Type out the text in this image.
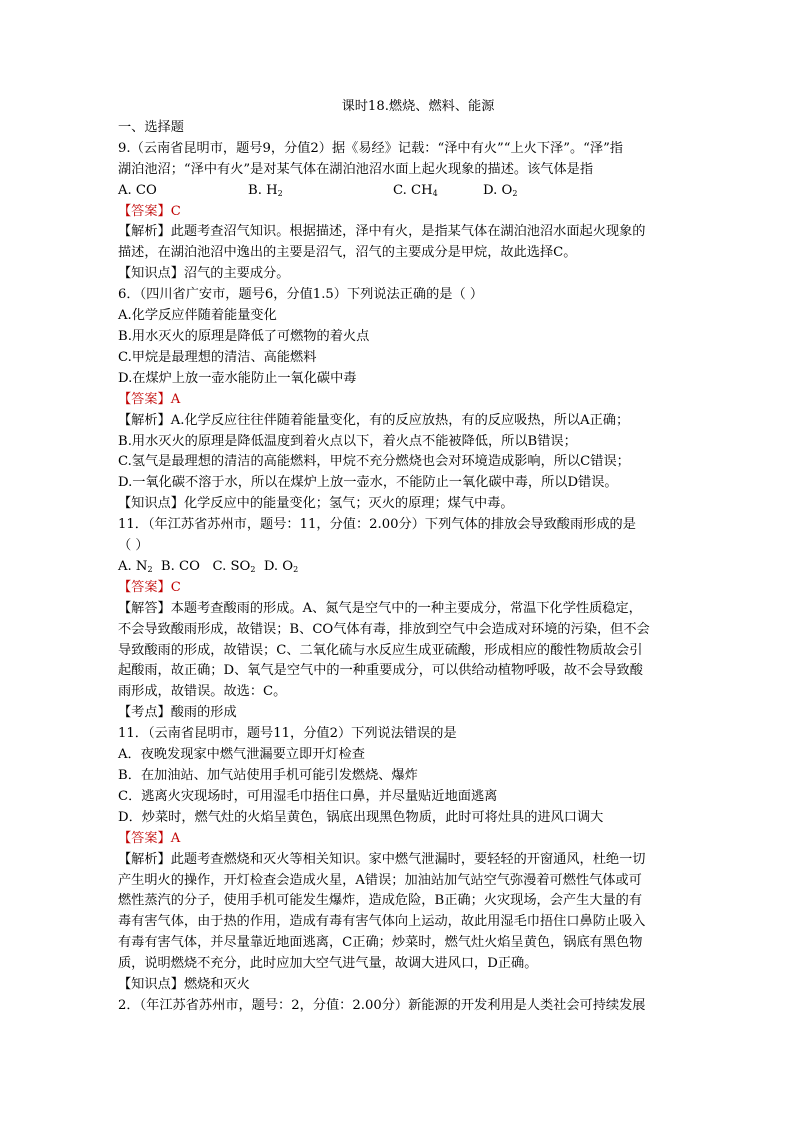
课时18.燃烧、燃料、能源
一、选择题
9.（云南省昆明市，题号9，分值2）据《易经》记载：“泽中有火”“上火下泽”。“泽”指
湖泊池沼；“泽中有火”是对某气体在湖泊池沼水面上起火现象的描述。该气体是指
A. CO	B. $H_2$	C. $CH_4$	D. $O_2$
【答案】C
【解析】此题考查沼气知识。根据描述，泽中有火，是指某气体在湖泊池沼水面起火现象的
描述，在湖泊池沼中逸出的主要是沼气，沼气的主要成分是甲烷，故此选择C。
【知识点】沼气的主要成分。
6．（四川省广安市，题号6，分值1.5）下列说法正确的是（ ）
A.化学反应伴随着能量变化
B.用水灭火的原理是降低了可燃物的着火点
C.甲烷是最理想的清洁、高能燃料
D.在煤炉上放一壶水能防止一氧化碳中毒
【答案】A
【解析】A.化学反应往往伴随着能量变化，有的反应放热，有的反应吸热，所以A正确；
B.用水灭火的原理是降低温度到着火点以下，着火点不能被降低，所以B错误；
C.氢气是最理想的清洁的高能燃料，甲烷不充分燃烧也会对环境造成影响，所以C错误；
D.一氧化碳不溶于水，所以在煤炉上放一壶水，不能防止一氧化碳中毒，所以D错误。
【知识点】化学反应中的能量变化；氢气；灭火的原理；煤气中毒。
11．（年江苏省苏州市，题号：11，分值：2.00分）下列气体的排放会导致酸雨形成的是
（ ）
A. $N_2$  B. CO   C. $SO_2$  D. $O_2$
【答案】C
【解答】本题考查酸雨的形成。A、氮气是空气中的一种主要成分，常温下化学性质稳定，
不会导致酸雨形成，故错误；B、CO气体有毒，排放到空气中会造成对环境的污染，但不会
导致酸雨的形成，故错误；C、二氧化硫与水反应生成亚硫酸，形成相应的酸性物质故会引
起酸雨，故正确；D、氧气是空气中的一种重要成分，可以供给动植物呼吸，故不会导致酸
雨形成，故错误。故选：C。
【考点】酸雨的形成
11．（云南省昆明市，题号11，分值2）下列说法错误的是
A．夜晚发现家中燃气泄漏要立即开灯检查
B．在加油站、加气站使用手机可能引发燃烧、爆炸
C．逃离火灾现场时，可用湿毛巾捂住口鼻，并尽量贴近地面逃离
D．炒菜时，燃气灶的火焰呈黄色，锅底出现黑色物质，此时可将灶具的进风口调大
【答案】A
【解析】此题考查燃烧和灭火等相关知识。家中燃气泄漏时，要轻轻的开窗通风，杜绝一切
产生明火的操作，开灯检查会造成火星，A错误；加油站加气站空气弥漫着可燃性气体或可
燃性蒸汽的分子，使用手机可能发生爆炸，造成危险，B正确；火灾现场，会产生大量的有
毒有害气体，由于热的作用，造成有毒有害气体向上运动，故此用湿毛巾捂住口鼻防止吸入
有毒有害气体，并尽量靠近地面逃离，C正确；炒菜时，燃气灶火焰呈黄色，锅底有黑色物
质，说明燃烧不充分，此时应加大空气进气量，故调大进风口，D正确。
【知识点】燃烧和灭火
2．（年江苏省苏州市，题号：2，分值：2.00分）新能源的开发利用是人类社会可持续发展
